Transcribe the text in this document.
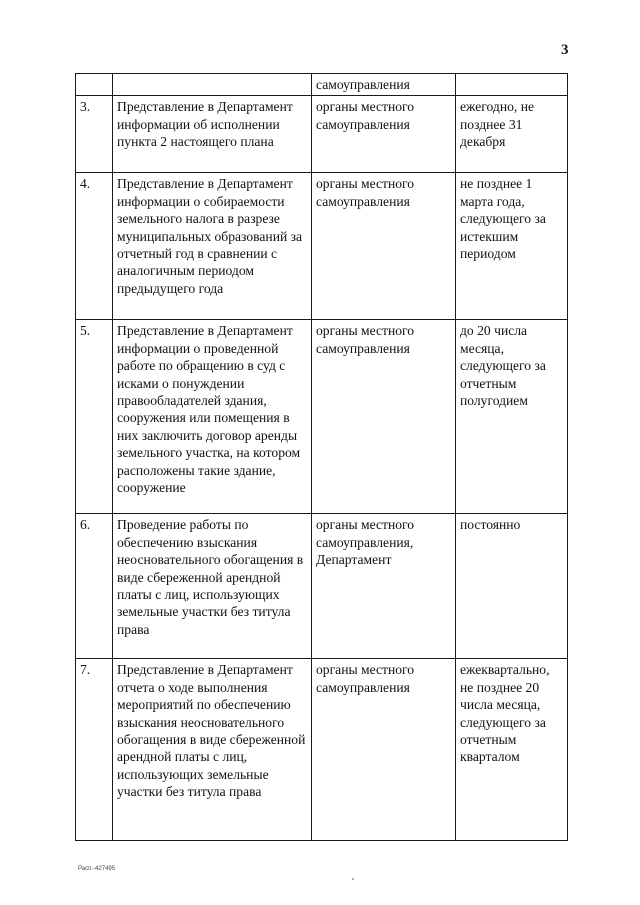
3
		самоуправления	
3.	Представление в Департамент информации об исполнении пункта 2 настоящего плана	органы местного самоуправления	ежегодно, не позднее 31 декабря
4.	Представление в Департамент информации о собираемости земельного налога в разрезе муниципальных образований за отчетный год в сравнении с аналогичным периодом предыдущего года	органы местного самоуправления	не позднее 1 марта года, следующего за истекшим периодом
5.	Представление в Департамент информации о проведенной работе по обращению в суд с исками о понуждении правообладателей здания, сооружения или помещения в них заключить договор аренды земельного участка, на котором расположены такие здание, сооружение	органы местного самоуправления	до 20 числа месяца, следующего за отчетным полугодием
6.	Проведение работы по обеспечению взыскания неосновательного обогащения в виде сбереженной арендной платы с лиц, использующих земельные участки без титула права	органы местного самоуправления, Департамент	постоянно
7.	Представление в Департамент отчета о ходе выполнения мероприятий по обеспечению взыскания неосновательного обогащения в виде сбереженной арендной платы с лиц, использующих земельные участки без титула права	органы местного самоуправления	ежеквартально, не позднее 20 числа месяца, следующего за отчетным кварталом
Расп.-427495
